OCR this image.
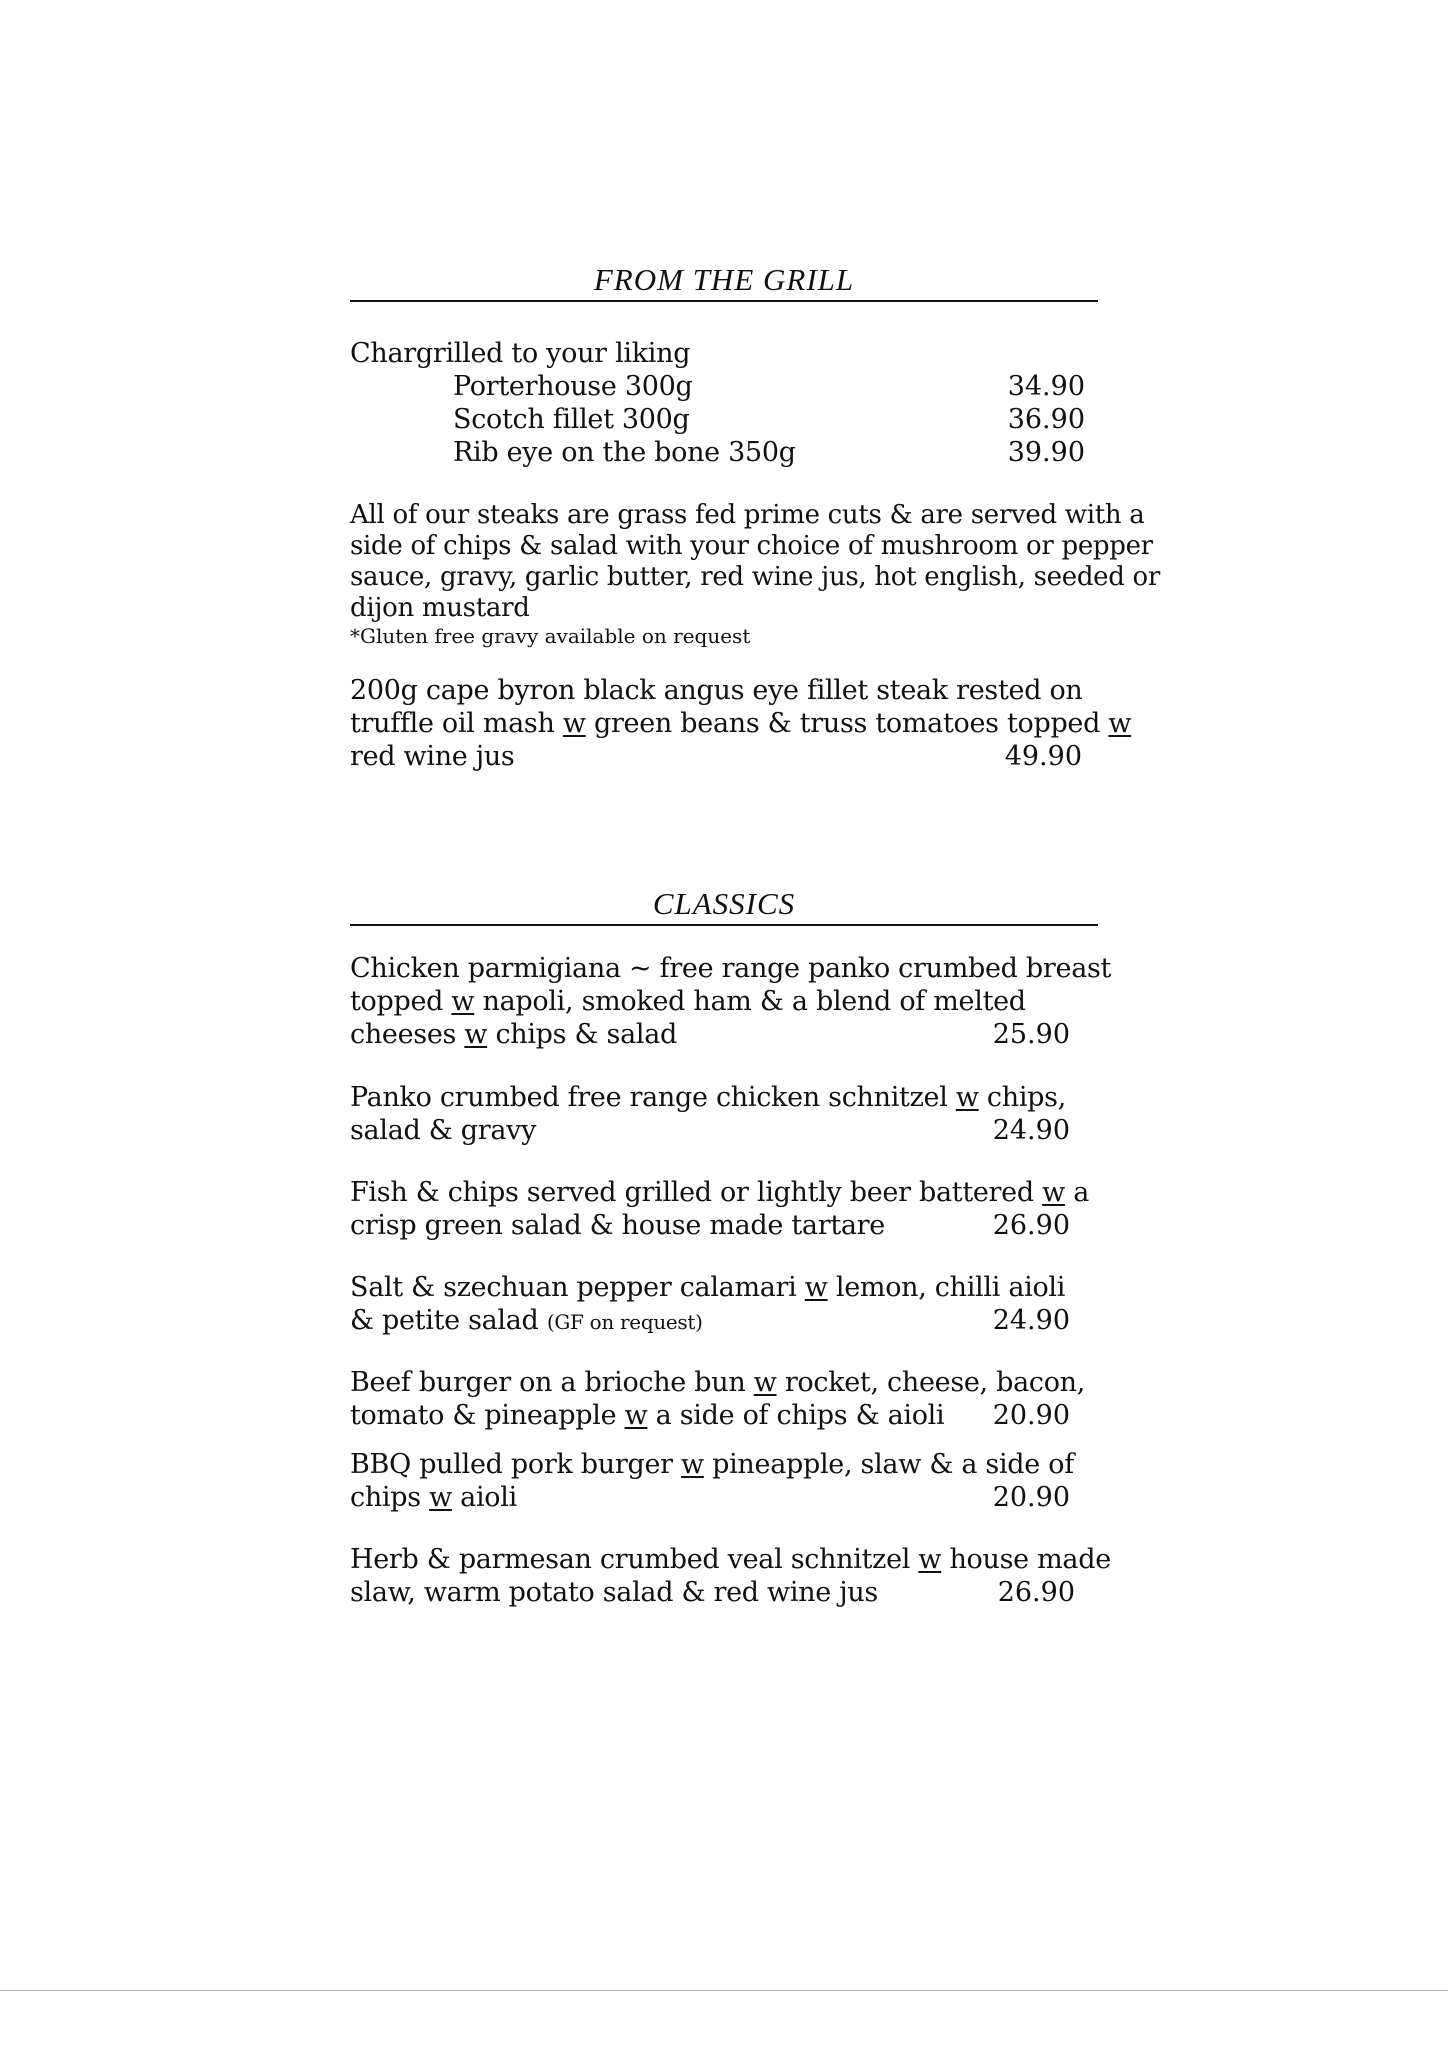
FROM THE GRILL
Chargrilled to your liking
Porterhouse 300g	34.90
Scotch fillet 300g	36.90
Rib eye on the bone 350g	39.90
All of our steaks are grass fed prime cuts & are served with a
side of chips & salad with your choice of mushroom or pepper
sauce, gravy, garlic butter, red wine jus, hot english, seeded or
dijon mustard
*Gluten free gravy available on request
200g cape byron black angus eye fillet steak rested on
truffle oil mash w green beans & truss tomatoes topped w
red wine jus	49.90
CLASSICS
Chicken parmigiana ~ free range panko crumbed breast
topped w napoli, smoked ham & a blend of melted
cheeses w chips & salad	25.90
Panko crumbed free range chicken schnitzel w chips,
salad & gravy	24.90
Fish & chips served grilled or lightly beer battered w a
crisp green salad & house made tartare	26.90
Salt & szechuan pepper calamari w lemon, chilli aioli
& petite salad (GF on request)	24.90
Beef burger on a brioche bun w rocket, cheese, bacon,
tomato & pineapple w a side of chips & aioli 20.90
BBQ pulled pork burger w pineapple, slaw & a side of
chips w aioli	20.90
Herb & parmesan crumbed veal schnitzel w house made
slaw, warm potato salad & red wine jus	26.90
